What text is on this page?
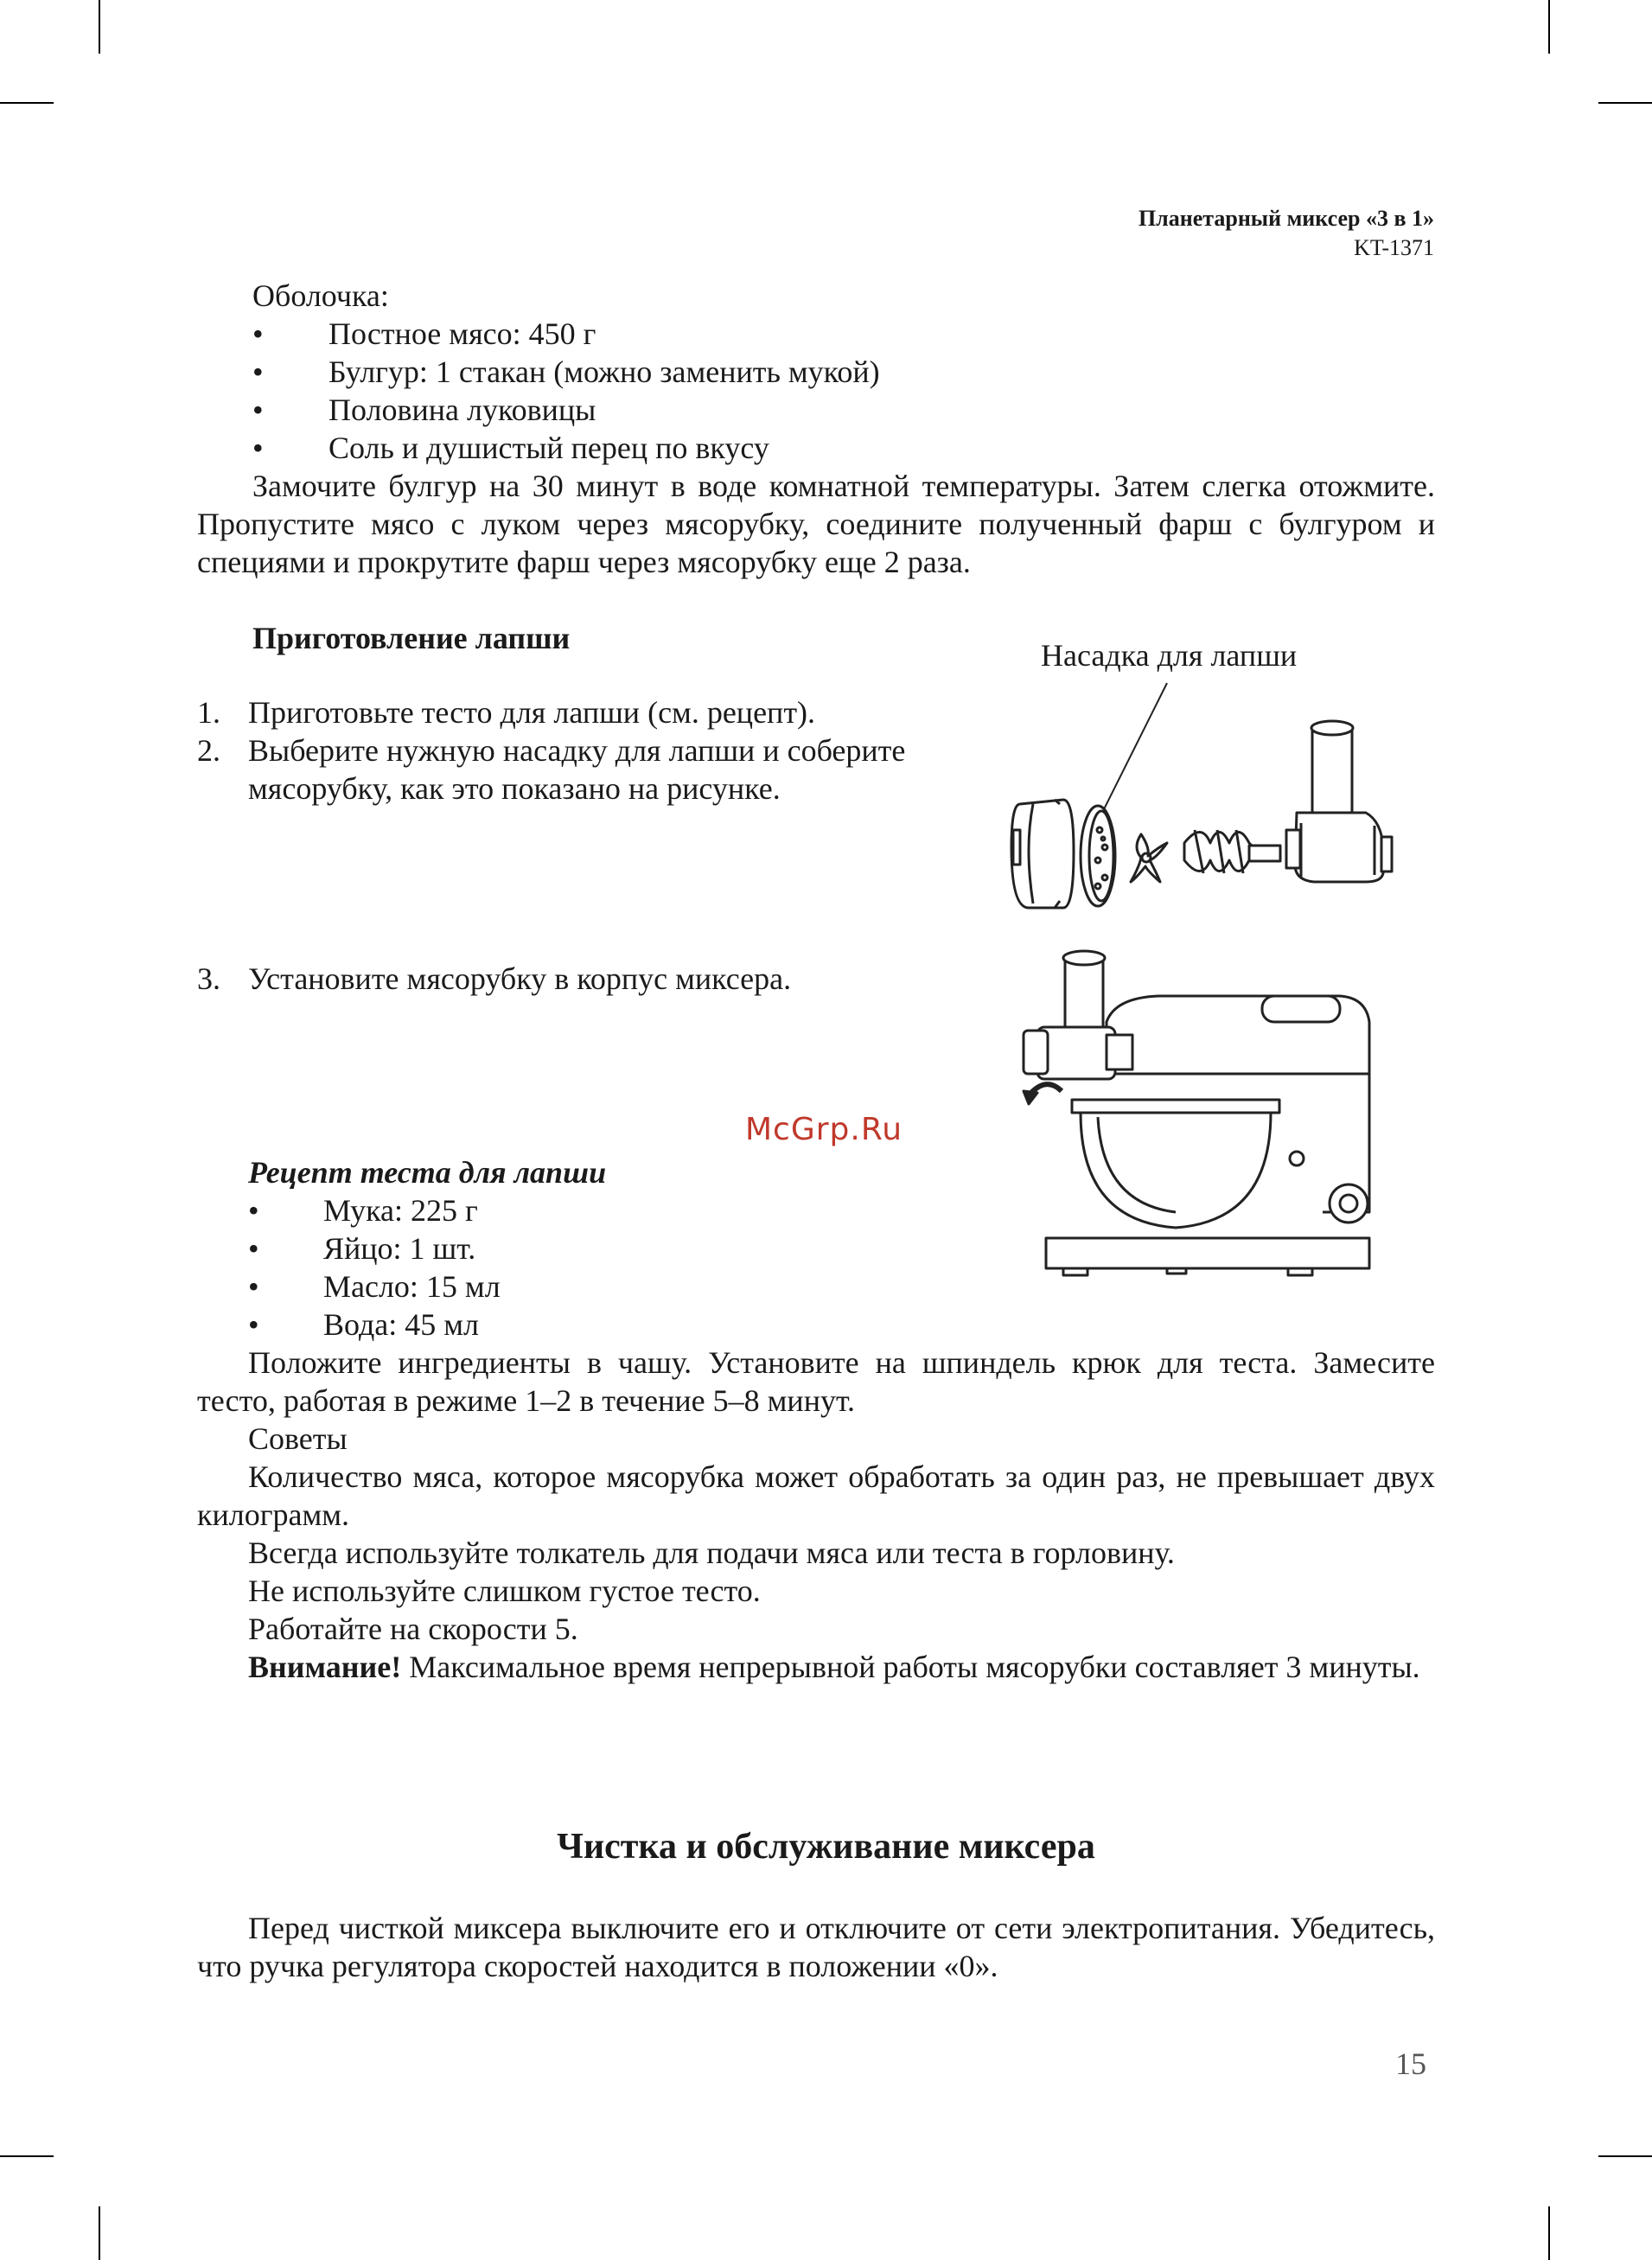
Планетарный миксер «3 в 1»
KT-1371
Оболочка:
• Постное мясо: 450 г
• Булгур: 1 стакан (можно заменить мукой)
• Половина луковицы
• Соль и душистый перец по вкусу
Замочите булгур на 30 минут в воде комнатной температуры. Затем слегка отожмите. Пропустите мясо с луком через мясорубку, соедините полученный фарш с булгуром и специями и прокрутите фарш через мясорубку еще 2 раза.
Приготовление лапши	Насадка для лапши
1. Приготовьте тесто для лапши (см. рецепт).
2. Выберите нужную насадку для лапши и соберите мясорубку, как это показано на рисунке.
3. Установите мясорубку в корпус миксера.
McGrp.Ru
Рецепт теста для лапши
• Мука: 225 г
• Яйцо: 1 шт.
• Масло: 15 мл
• Вода: 45 мл
Положите ингредиенты в чашу. Установите на шпиндель крюк для теста. Замесите тесто, работая в режиме 1–2 в течение 5–8 минут.
Советы
Количество мяса, которое мясорубка может обработать за один раз, не превышает двух килограмм.
Всегда используйте толкатель для подачи мяса или теста в горловину.
Не используйте слишком густое тесто.
Работайте на скорости 5.
Внимание! Максимальное время непрерывной работы мясорубки составляет 3 минуты.
Чистка и обслуживание миксера
Перед чисткой миксера выключите его и отключите от сети электропитания. Убедитесь, что ручка регулятора скоростей находится в положении «0».
15
